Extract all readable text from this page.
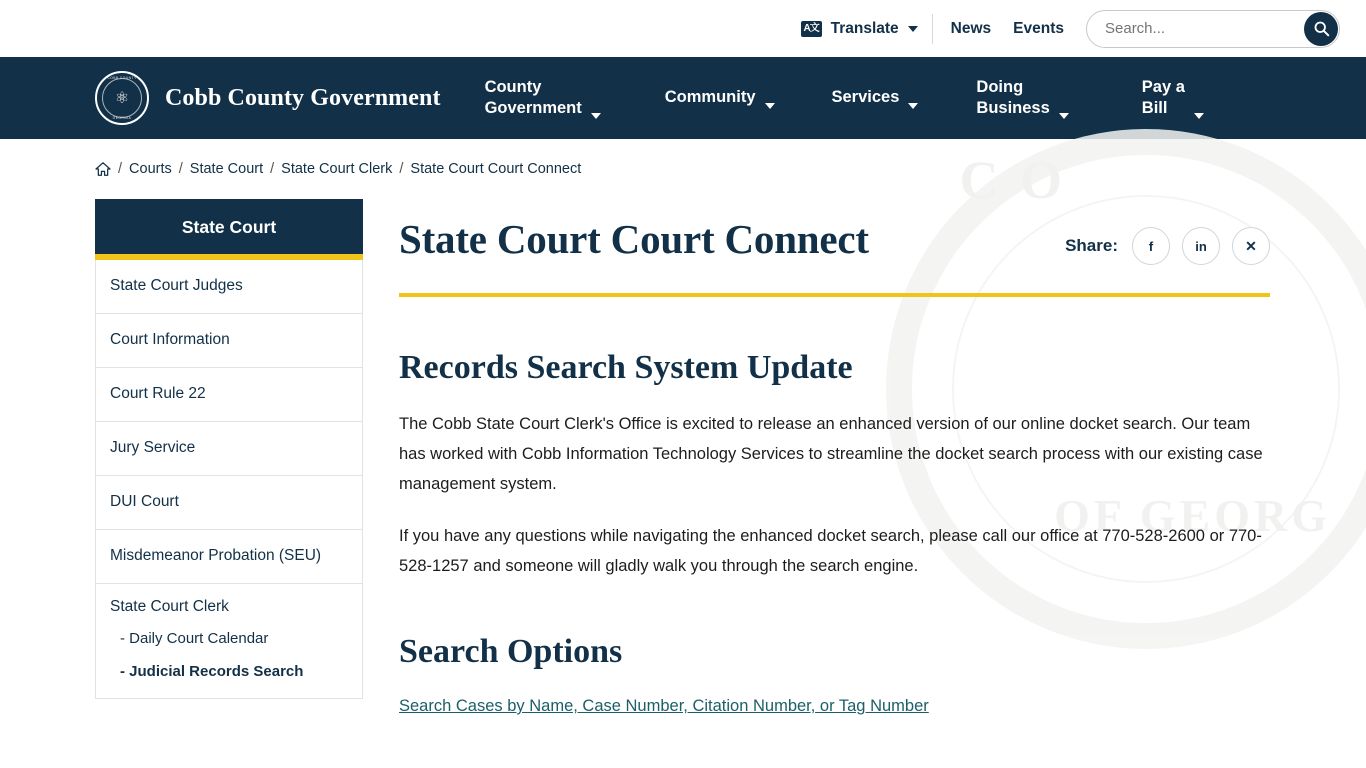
A文 Translate	News Events
Search...
COBB COUNTY
GEORGIA
⚛	Cobb County Government	County
Government
Community	Services
Doing
Business
Pay a
Bill
/ Courts / State Court / State Court Clerk / State Court Court Connect	C O
OF GEORG
State Court
State Court Judges
Court Information
Court Rule 22
Jury Service
DUI Court
Misdemeanor Probation (SEU)
State Court Clerk
- Daily Court Calendar
- Judicial Records Search
State Court Court Connect	Share: f	in	✕
Records Search System Update

The Cobb State Court Clerk's Office is excited to release an enhanced version of our online docket search. Our team has worked with Cobb Information Technology Services to streamline the docket search process with our existing case management system.

If you have any questions while navigating the enhanced docket search, please call our office at 770-528-2600 or 770-528-1257 and someone will gladly walk you through the search engine.

Search Options
Search Cases by Name, Case Number, Citation Number, or Tag Number
